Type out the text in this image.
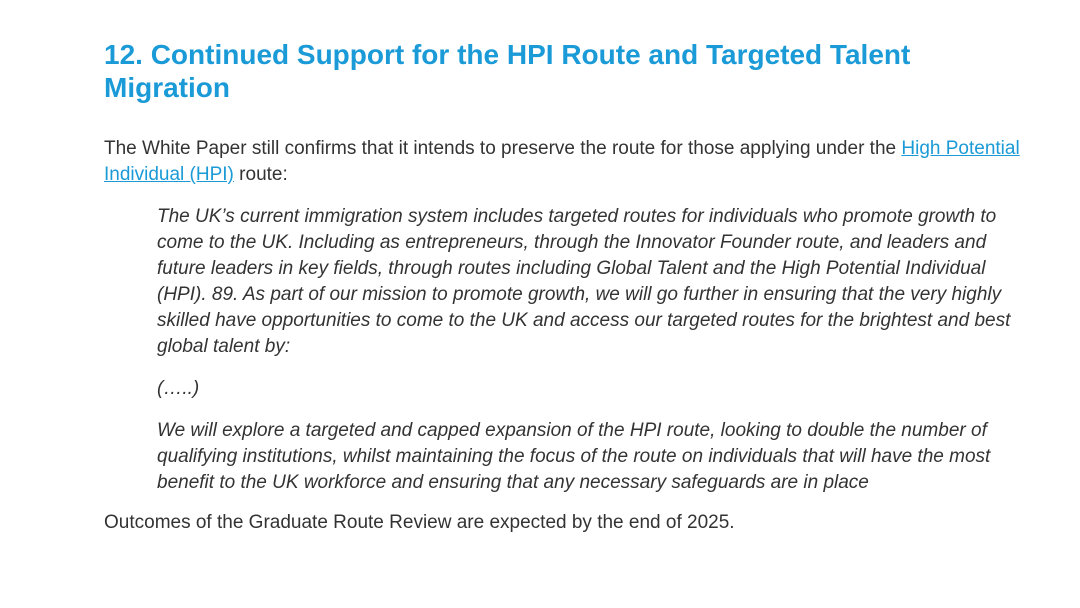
12. Continued Support for the HPI Route and Targeted Talent Migration

The White Paper still confirms that it intends to preserve the route for those applying under the High Potential Individual (HPI) route:

The UK’s current immigration system includes targeted routes for individuals who promote growth to come to the UK. Including as entrepreneurs, through the Innovator Founder route, and leaders and future leaders in key fields, through routes including Global Talent and the High Potential Individual (HPI). 89. As part of our mission to promote growth, we will go further in ensuring that the very highly skilled have opportunities to come to the UK and access our targeted routes for the brightest and best global talent by:

(…..)

We will explore a targeted and capped expansion of the HPI route, looking to double the number of qualifying institutions, whilst maintaining the focus of the route on individuals that will have the most benefit to the UK workforce and ensuring that any necessary safeguards are in place

Outcomes of the Graduate Route Review are expected by the end of 2025.
